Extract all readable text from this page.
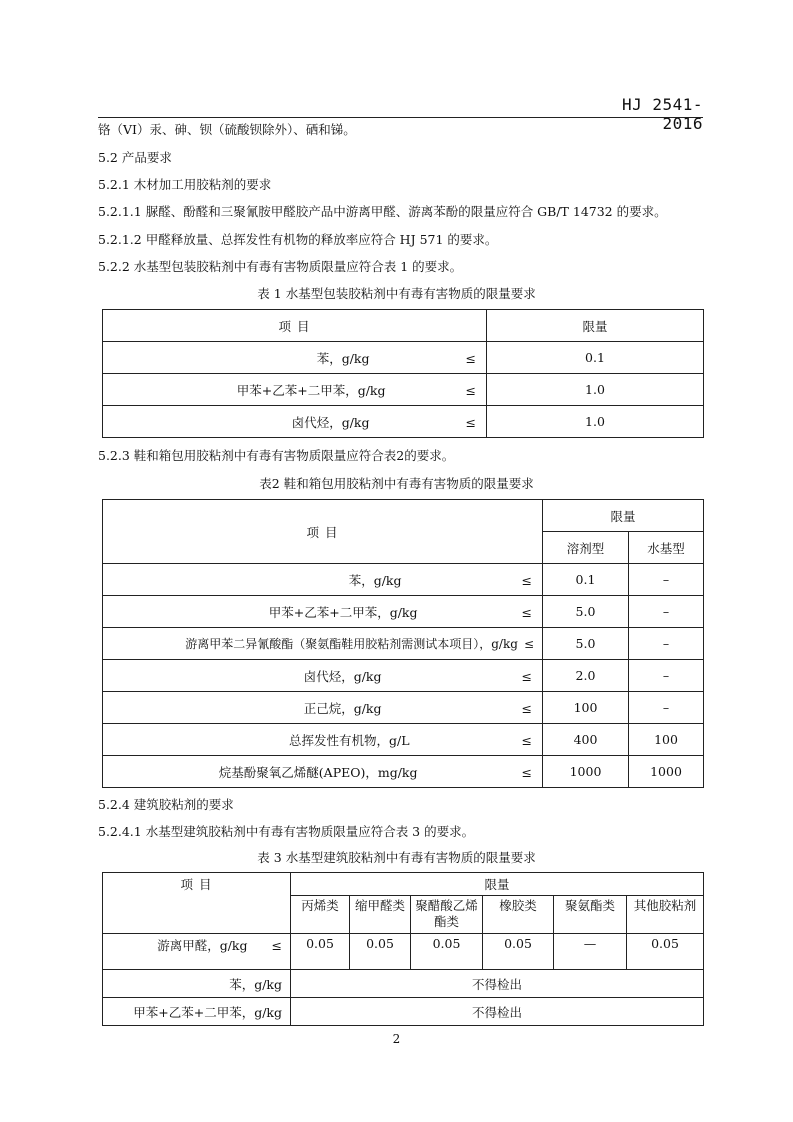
HJ 2541-2016
铬（VI）汞、砷、钡（硫酸钡除外）、硒和锑。
5.2 产品要求
5.2.1 木材加工用胶粘剂的要求
5.2.1.1 脲醛、酚醛和三聚氰胺甲醛胶产品中游离甲醛、游离苯酚的限量应符合 GB/T 14732 的要求。
5.2.1.2 甲醛释放量、总挥发性有机物的释放率应符合 HJ 571 的要求。
5.2.2 水基型包装胶粘剂中有毒有害物质限量应符合表 1 的要求。
表 1 水基型包装胶粘剂中有毒有害物质的限量要求
项 目	限量
苯，g/kg ≤	0.1
甲苯+乙苯+二甲苯，g/kg ≤	1.0
卤代烃，g/kg ≤	1.0
5.2.3 鞋和箱包用胶粘剂中有毒有害物质限量应符合表2的要求。
表2 鞋和箱包用胶粘剂中有毒有害物质的限量要求
项 目	限量	
	溶剂型	水基型
苯，g/kg ≤	0.1	–
甲苯+乙苯+二甲苯，g/kg ≤	5.0	–
游离甲苯二异氰酸酯（聚氨酯鞋用胶粘剂需测试本项目），g/kg ≤	5.0	–
卤代烃，g/kg ≤	2.0	–
正己烷，g/kg ≤	100	–
总挥发性有机物，g/L ≤	400	100
烷基酚聚氧乙烯醚(APEO)，mg/kg ≤	1000	1000
5.2.4 建筑胶粘剂的要求
5.2.4.1 水基型建筑胶粘剂中有毒有害物质限量应符合表 3 的要求。
表 3 水基型建筑胶粘剂中有毒有害物质的限量要求
项 目	限量					
	丙烯类	缩甲醛类	聚醋酸乙烯酯类	橡胶类	聚氨酯类	其他胶粘剂
游离甲醛，g/kg ≤	0.05	0.05	0.05	0.05	—	0.05
苯，g/kg	不得检出					
甲苯+乙苯+二甲苯，g/kg	不得检出					
2
